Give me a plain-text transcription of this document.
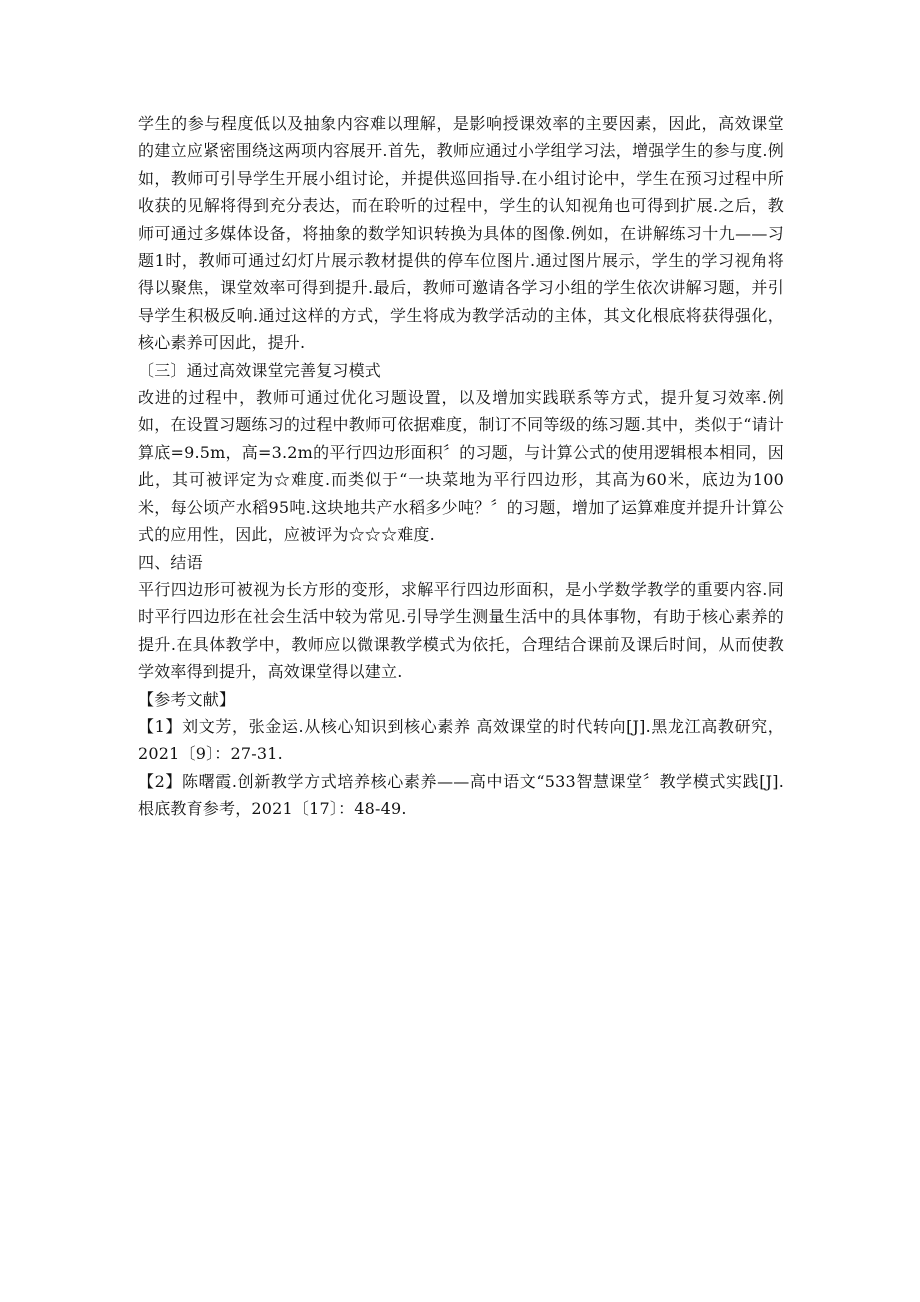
学生的参与程度低以及抽象内容难以理解，是影响授课效率的主要因素，因此，高效课堂的建立应紧密围绕这两项内容展开.首先，教师应通过小学组学习法，增强学生的参与度.例如，教师可引导学生开展小组讨论，并提供巡回指导.在小组讨论中，学生在预习过程中所收获的见解将得到充分表达，而在聆听的过程中，学生的认知视角也可得到扩展.之后，教师可通过多媒体设备，将抽象的数学知识转换为具体的图像.例如，在讲解练习十九——习题1时，教师可通过幻灯片展示教材提供的停车位图片.通过图片展示，学生的学习视角将得以聚焦，课堂效率可得到提升.最后，教师可邀请各学习小组的学生依次讲解习题，并引导学生积极反响.通过这样的方式，学生将成为教学活动的主体，其文化根底将获得强化，核心素养可因此，提升.

〔三〕通过高效课堂完善复习模式

改进的过程中，教师可通过优化习题设置，以及增加实践联系等方式，提升复习效率.例如，在设置习题练习的过程中教师可依据难度，制订不同等级的练习题.其中，类似于“请计算底=9.5m，高=3.2m的平行四边形面积〞的习题，与计算公式的使用逻辑根本相同，因此，其可被评定为☆难度.而类似于“一块菜地为平行四边形，其高为60米，底边为100米，每公顷产水稻95吨.这块地共产水稻多少吨？〞的习题，增加了运算难度并提升计算公式的应用性，因此，应被评为☆☆☆难度.

四、结语

平行四边形可被视为长方形的变形，求解平行四边形面积，是小学数学教学的重要内容.同时平行四边形在社会生活中较为常见.引导学生测量生活中的具体事物，有助于核心素养的提升.在具体教学中，教师应以微课教学模式为依托，合理结合课前及课后时间，从而使教学效率得到提升，高效课堂得以建立.

【参考文献】

【1】刘文芳，张金运.从核心知识到核心素养 高效课堂的时代转向[J].黑龙江高教研究，2021〔9〕：27-31.

【2】陈曙霞.创新教学方式培养核心素养——高中语文“533智慧课堂〞教学模式实践[J].根底教育参考，2021〔17〕：48-49.
